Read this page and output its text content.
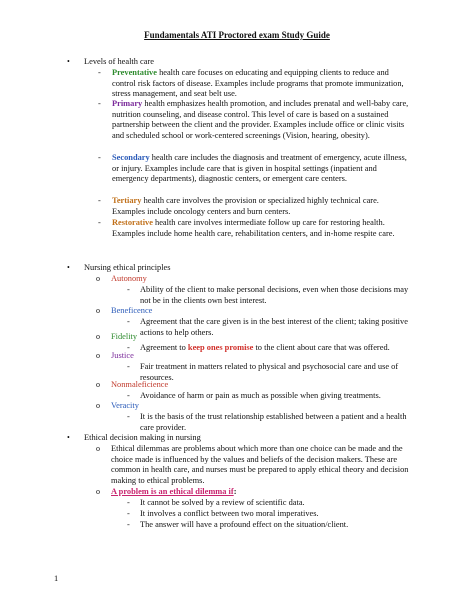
Fundamentals ATI Proctored exam Study Guide
• Levels of health care
- Preventative health care focuses on educating and equipping clients to reduce and control risk factors of disease. Examples include programs that promote immunization, stress management, and seat belt use.
- Primary health emphasizes health promotion, and includes prenatal and well-baby care, nutrition counseling, and disease control. This level of care is based on a sustained partnership between the client and the provider. Examples include office or clinic visits and scheduled school or work-centered screenings (Vision, hearing, obesity).
- Secondary health care includes the diagnosis and treatment of emergency, acute illness, or injury. Examples include care that is given in hospital settings (inpatient and emergency departments), diagnostic centers, or emergent care centers.
- Tertiary health care involves the provision or specialized highly technical care. Examples include oncology centers and burn centers.
- Restorative health care involves intermediate follow up care for restoring health. Examples include home health care, rehabilitation centers, and in-home respite care.
• Nursing ethical principles
o Autonomy
- Ability of the client to make personal decisions, even when those decisions may not be in the clients own best interest.
o Beneficence
- Agreement that the care given is in the best interest of the client; taking positive actions to help others.
o Fidelity
- Agreement to keep ones promise to the client about care that was offered.
o Justice
- Fair treatment in matters related to physical and psychosocial care and use of resources.
o Nonmaleficience
- Avoidance of harm or pain as much as possible when giving treatments.
o Veracity
- It is the basis of the trust relationship established between a patient and a health care provider.
• Ethical decision making in nursing
o Ethical dilemmas are problems about which more than one choice can be made and the choice made is influenced by the values and beliefs of the decision makers. These are common in health care, and nurses must be prepared to apply ethical theory and decision making to ethical problems.
o A problem is an ethical dilemma if:
- It cannot be solved by a review of scientific data.
- It involves a conflict between two moral imperatives.
- The answer will have a profound effect on the situation/client.
1
